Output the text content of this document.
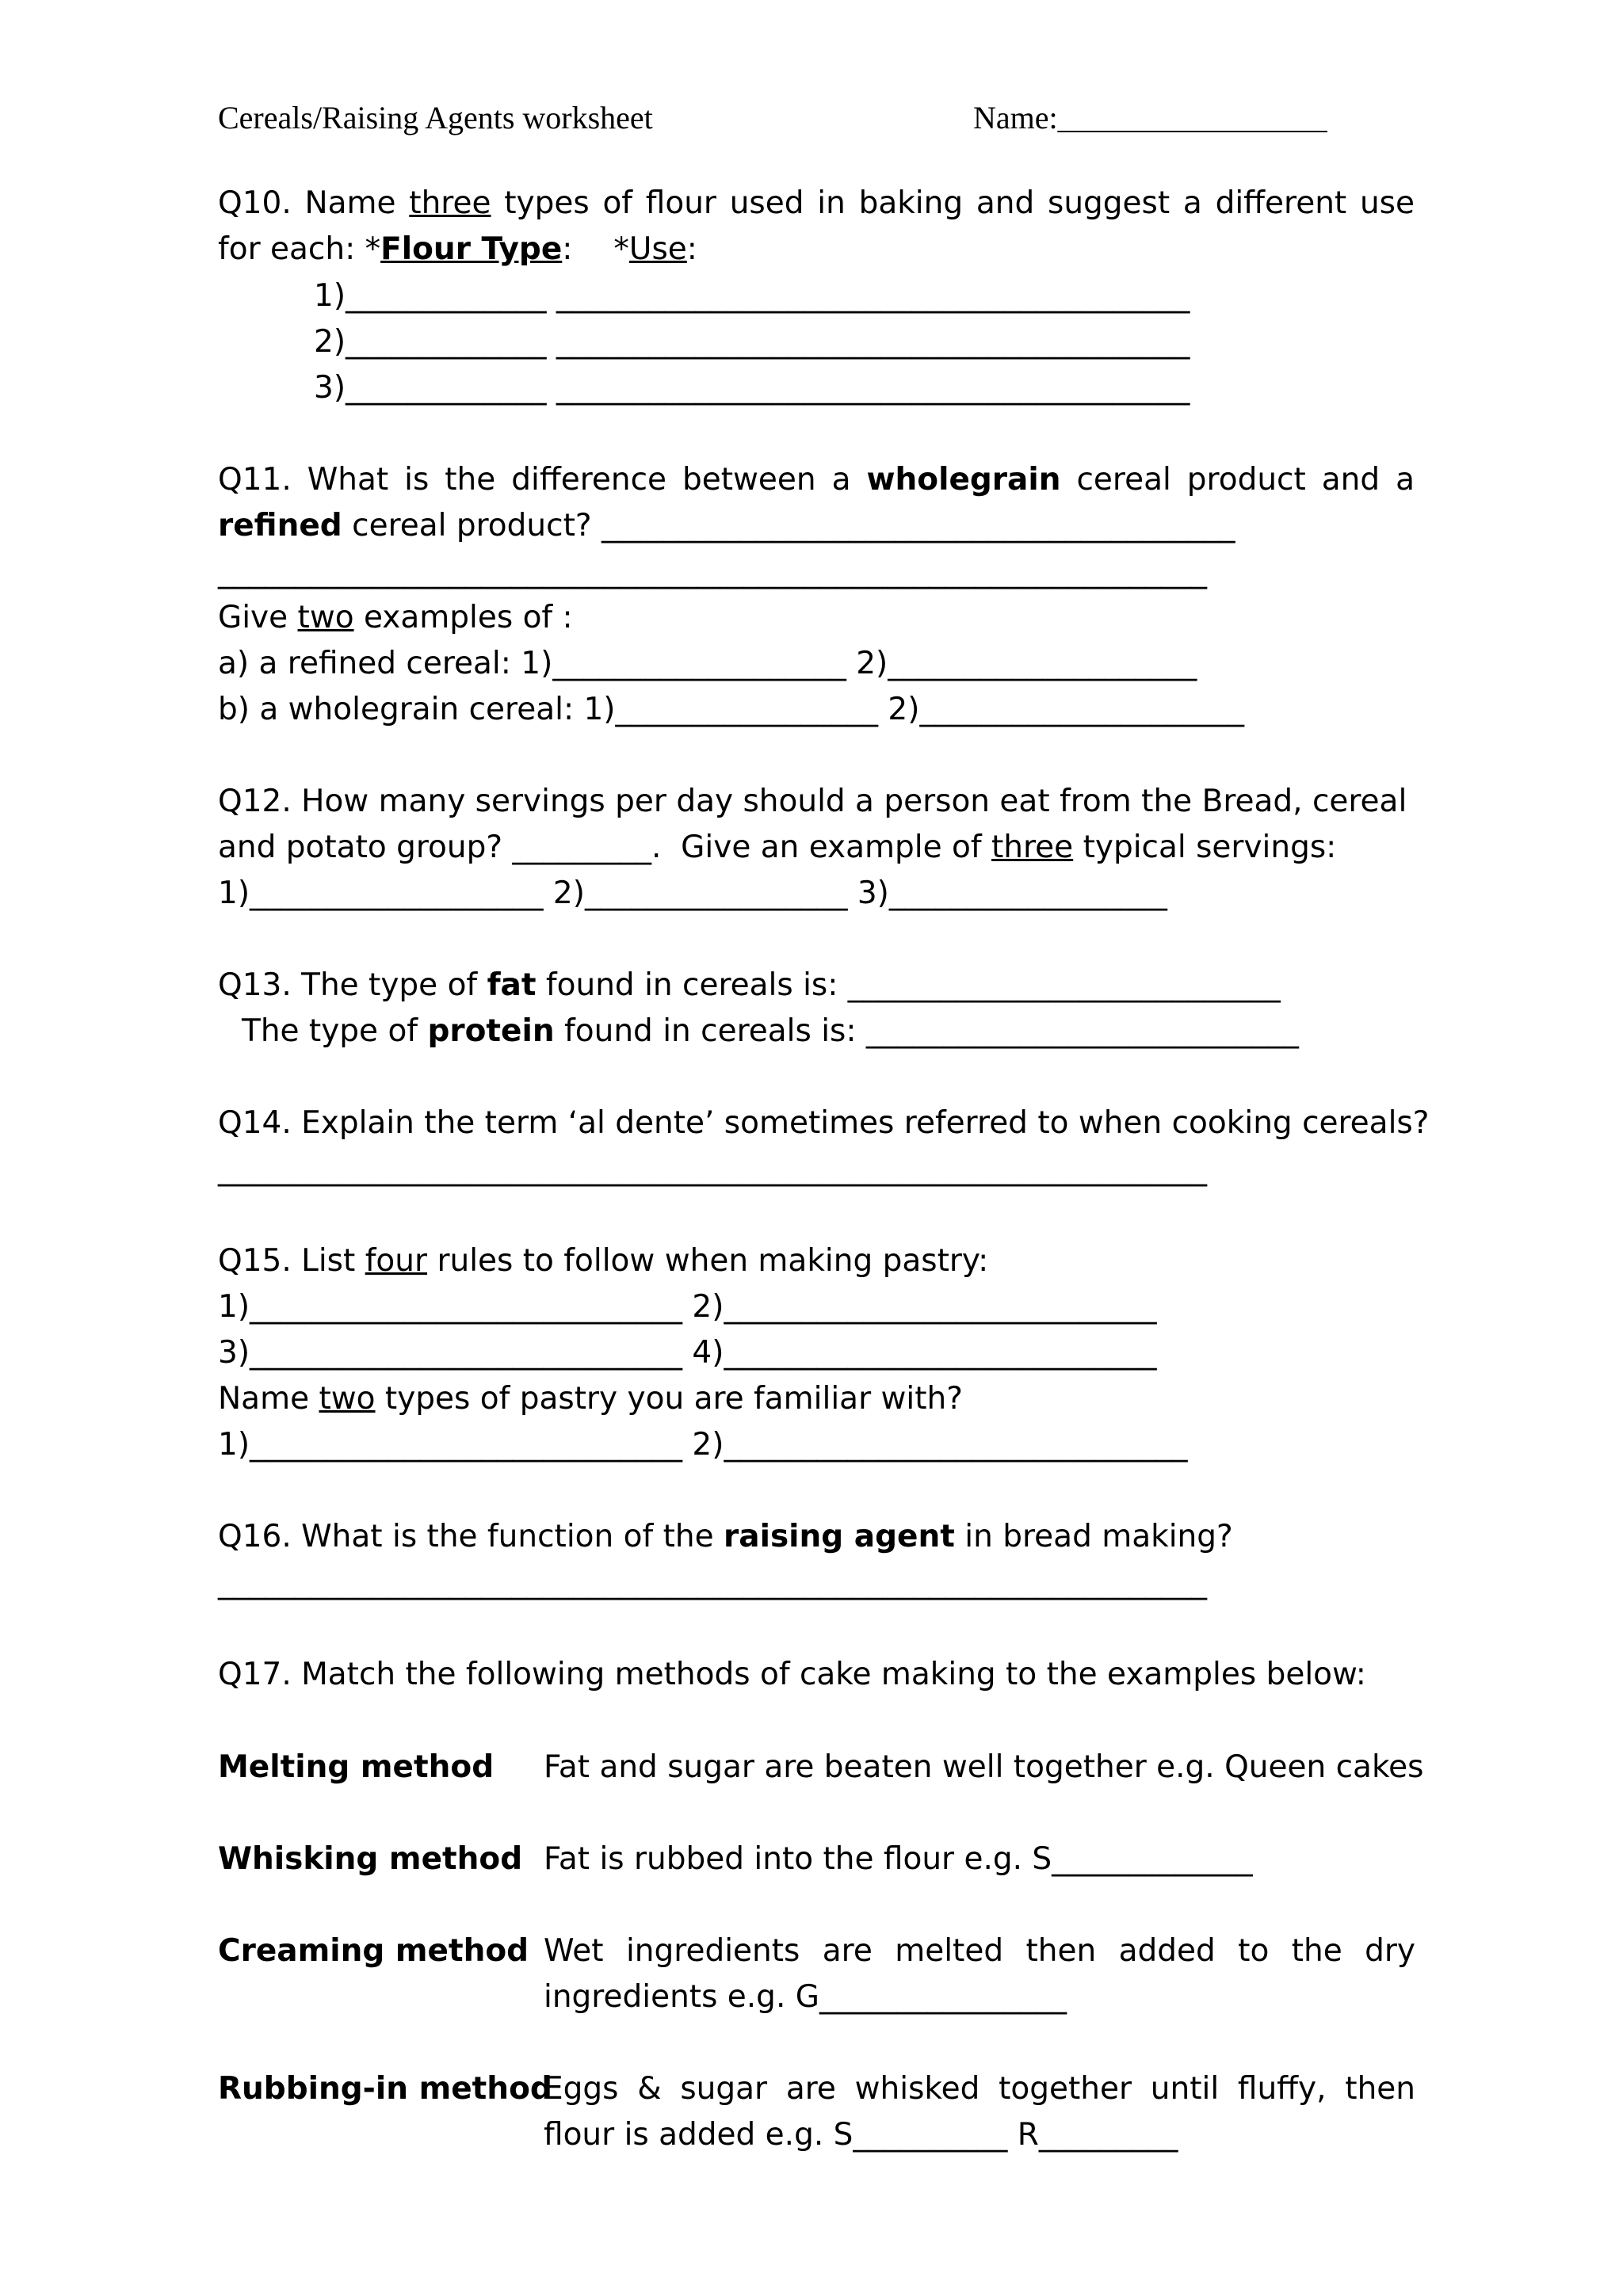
Cereals/Raising Agents worksheet	Name:_________________
Q10. Name three types of flour used in baking and suggest a different use
for each: *Flour Type: *Use:
1)_____________ _________________________________________
2)_____________ _________________________________________
3)_____________ _________________________________________
Q11. What is the difference between a wholegrain cereal product and a
refined cereal product? _________________________________________
________________________________________________________________
Give two examples of :
a) a refined cereal: 1)___________________ 2)____________________
b) a wholegrain cereal: 1)_________________ 2)_____________________
Q12. How many servings per day should a person eat from the Bread, cereal
and potato group? _________.  Give an example of three typical servings:
1)___________________ 2)_________________ 3)__________________
Q13. The type of fat found in cereals is: ____________________________
The type of protein found in cereals is: ____________________________
Q14. Explain the term ‘al dente’ sometimes referred to when cooking cereals?
________________________________________________________________
Q15. List four rules to follow when making pastry:
1)____________________________ 2)____________________________
3)____________________________ 4)____________________________
Name two types of pastry you are familiar with?
1)____________________________ 2)______________________________
Q16. What is the function of the raising agent in bread making?
________________________________________________________________
Q17. Match the following methods of cake making to the examples below:
Melting method Fat and sugar are beaten well together e.g. Queen cakes
Whisking method Fat is rubbed into the flour e.g. S_____________
Creaming method Wet ingredients are melted then added to the dry
ingredients e.g. G________________
Rubbing-in method
Eggs & sugar are whisked together until fluffy, then
flour is added e.g. S__________ R_________
